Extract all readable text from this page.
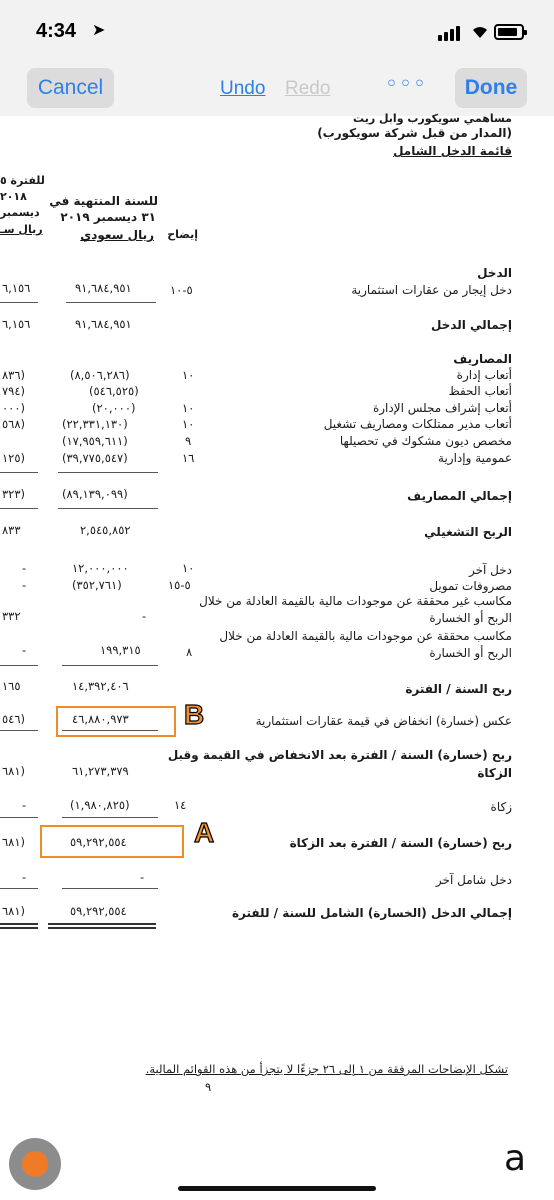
4:34 ➤
Cancel	Undo Redo ◦◦◦	Done
مساهمي سويكورب وابل ريت
(المدار من قبل شركة سويكورب)
قائمة الدخل الشامل
للفترة ٥
٢٠١٨
ديسمبر
ريال سـ
للسنة المنتهية في
٣١ ديسمبر ٢٠١٩
ريال سعودي إيضاح
الدخل
دخل إيجار من عقارات استثمارية
٥-١٠
٩١,٦٨٤,٩٥١
٦,١٥٦
إجمالي الدخل
٩١,٦٨٤,٩٥١
٦,١٥٦
المصاريف
أتعاب إدارة
١٠
(٨,٥٠٦,٢٨٦)
٨٣٦)
أتعاب الحفظ
(٥٤٦,٥٢٥)
٧٩٤)
أتعاب إشراف مجلس الإدارة
١٠
(٢٠,٠٠٠)
٠٠٠)
أتعاب مدير ممتلكات ومصاريف تشغيل
١٠
(٢٢,٣٣١,١٣٠)
٥٦٨)
مخصص ديون مشكوك في تحصيلها
٩
(١٧,٩٥٩,٦١١)
عمومية وإدارية
١٦
(٣٩,٧٧٥,٥٤٧)
١٢٥)
إجمالي المصاريف
(٨٩,١٣٩,٠٩٩)
٣٢٣)
الربح التشغيلي
٢,٥٤٥,٨٥٢
٨٣٣
دخل آخر
١٠
١٢,٠٠٠,٠٠٠
-
مصروفات تمويل
٥-١٥
(٣٥٢,٧٦١)
-
مكاسب غير محققة عن موجودات مالية بالقيمة العادلة من خلال
الربح أو الخسارة
-
٣٣٢
مكاسب محققة عن موجودات مالية بالقيمة العادلة من خلال
الربح أو الخسارة
٨
١٩٩,٣١٥
-
ربح السنة / الفترة
١٤,٣٩٢,٤٠٦
١٦٥
عكس (خسارة) انخفاض في قيمة عقارات استثمارية
٤٦,٨٨٠,٩٧٣
٥٤٦)
ربح (خسارة) السنة / الفترة بعد الانخفاض في القيمة وقبل
الزكاة
٦١,٢٧٣,٣٧٩
٦٨١)
زكاة
١٤
(١,٩٨٠,٨٢٥)
-
ربح (خسارة) السنة / الفترة بعد الزكاة
٥٩,٢٩٢,٥٥٤
٦٨١)
دخل شامل آخر
-
-
إجمالي الدخل (الخسارة) الشامل للسنة / للفترة
٥٩,٢٩٢,٥٥٤
٦٨١)
تشكل الإيضاحات المرفقة من ١ إلى ٢٦ جزءًا لا يتجزأ من هذه القوائم المالية.
٩
B
A
a
